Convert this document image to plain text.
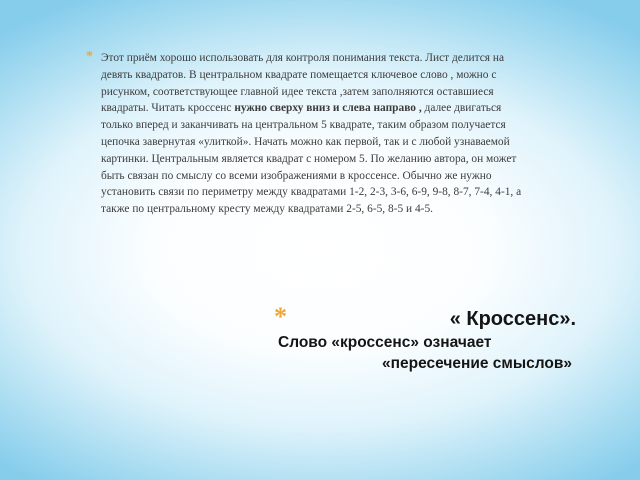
* Этот приём хорошо использовать для контроля понимания текста. Лист делится на девять квадратов. В центральном квадрате помещается ключевое слово , можно с рисунком, соответствующее главной идее текста ,затем заполняются оставшиеся квадраты. Читать кроссенс нужно сверху вниз и слева направо , далее двигаться только вперед и заканчивать на центральном 5 квадрате, таким образом получается цепочка завернутая «улиткой». Начать можно как первой, так и с любой узнаваемой картинки. Центральным является квадрат с номером 5. По желанию автора, он может быть связан по смыслу со всеми изображениями в кроссенсе. Обычно же нужно установить связи по периметру между квадратами 1-2, 2-3, 3-6, 6-9, 9-8, 8-7, 7-4, 4-1, а также по центральному кресту между квадратами 2-5, 6-5, 8-5 и 4-5.

*	« Кроссенс».
Слово «кроссенс» означает
«пересечение смыслов»
